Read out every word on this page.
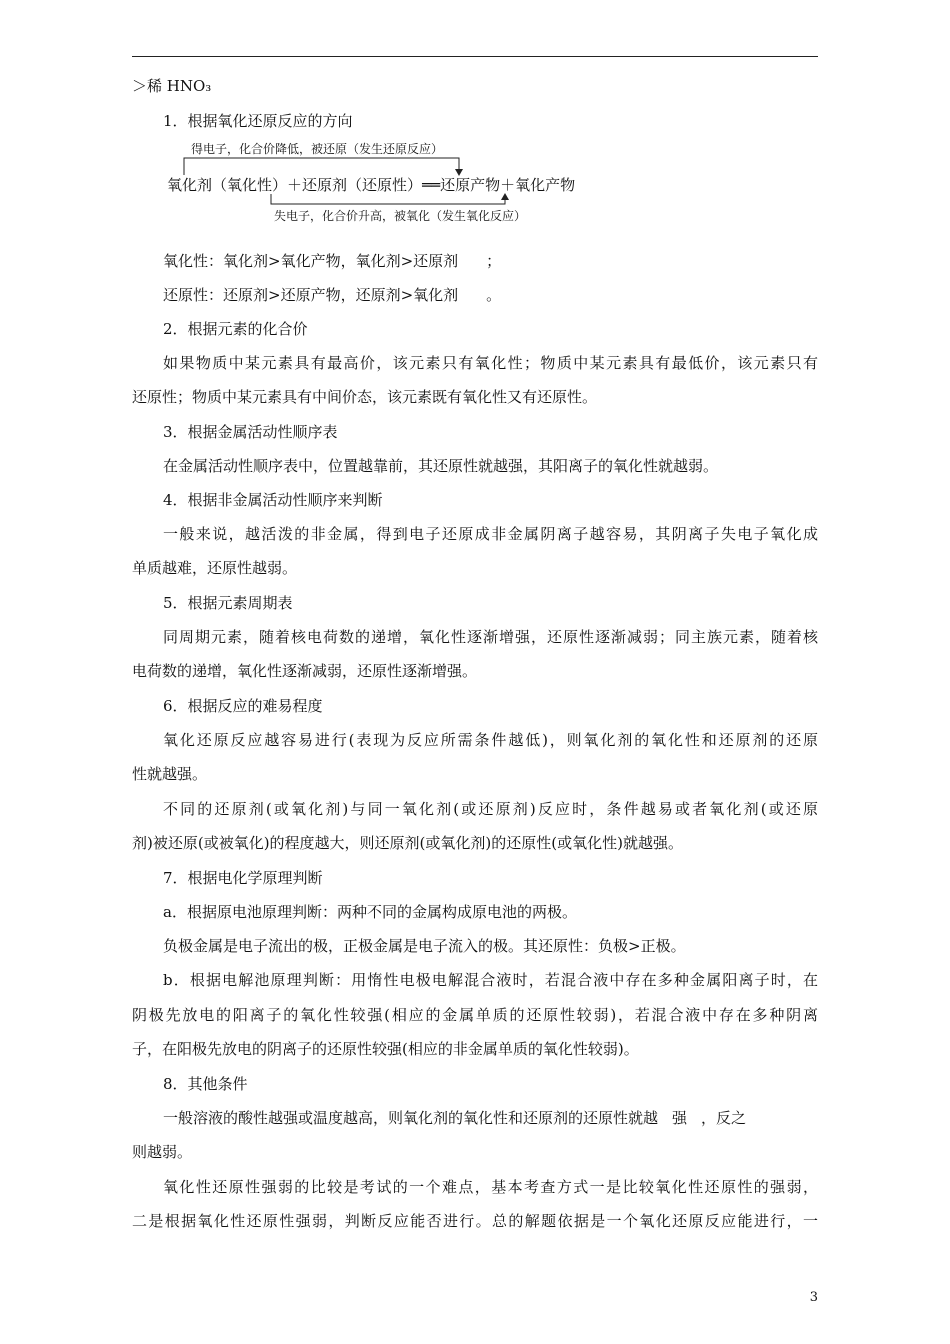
＞稀 HNO₃
1．根据氧化还原反应的方向
得电子，化合价降低，被还原（发生还原反应）
氧化剂（氧化性）＋还原剂（还原性）══还原产物＋氧化产物
失电子，化合价升高，被氧化（发生氧化反应）
氧化性：氧化剂>氧化产物，氧化剂>还原剂 ；
还原性：还原剂>还原产物，还原剂>氧化剂 。
2．根据元素的化合价
如果物质中某元素具有最高价，该元素只有氧化性；物质中某元素具有最低价，该元素只有
还原性；物质中某元素具有中间价态，该元素既有氧化性又有还原性。
3．根据金属活动性顺序表
在金属活动性顺序表中，位置越靠前，其还原性就越强，其阳离子的氧化性就越弱。
4．根据非金属活动性顺序来判断
一般来说，越活泼的非金属，得到电子还原成非金属阴离子越容易，其阴离子失电子氧化成
单质越难，还原性越弱。
5．根据元素周期表
同周期元素，随着核电荷数的递增，氧化性逐渐增强，还原性逐渐减弱；同主族元素，随着核
电荷数的递增，氧化性逐渐减弱，还原性逐渐增强。
6．根据反应的难易程度
氧化还原反应越容易进行(表现为反应所需条件越低)，则氧化剂的氧化性和还原剂的还原
性就越强。
不同的还原剂(或氧化剂)与同一氧化剂(或还原剂)反应时，条件越易或者氧化剂(或还原
剂)被还原(或被氧化)的程度越大，则还原剂(或氧化剂)的还原性(或氧化性)就越强。
7．根据电化学原理判断
a．根据原电池原理判断：两种不同的金属构成原电池的两极。
负极金属是电子流出的极，正极金属是电子流入的极。其还原性：负极>正极。
b．根据电解池原理判断：用惰性电极电解混合液时，若混合液中存在多种金属阳离子时，在
阴极先放电的阳离子的氧化性较强(相应的金属单质的还原性较弱)，若混合液中存在多种阴离
子，在阳极先放电的阴离子的还原性较强(相应的非金属单质的氧化性较弱)。
8．其他条件
一般溶液的酸性越强或温度越高，则氧化剂的氧化性和还原剂的还原性就越 强 ，反之
则越弱。
氧化性还原性强弱的比较是考试的一个难点，基本考查方式一是比较氧化性还原性的强弱，
二是根据氧化性还原性强弱，判断反应能否进行。总的解题依据是一个氧化还原反应能进行，一
3
